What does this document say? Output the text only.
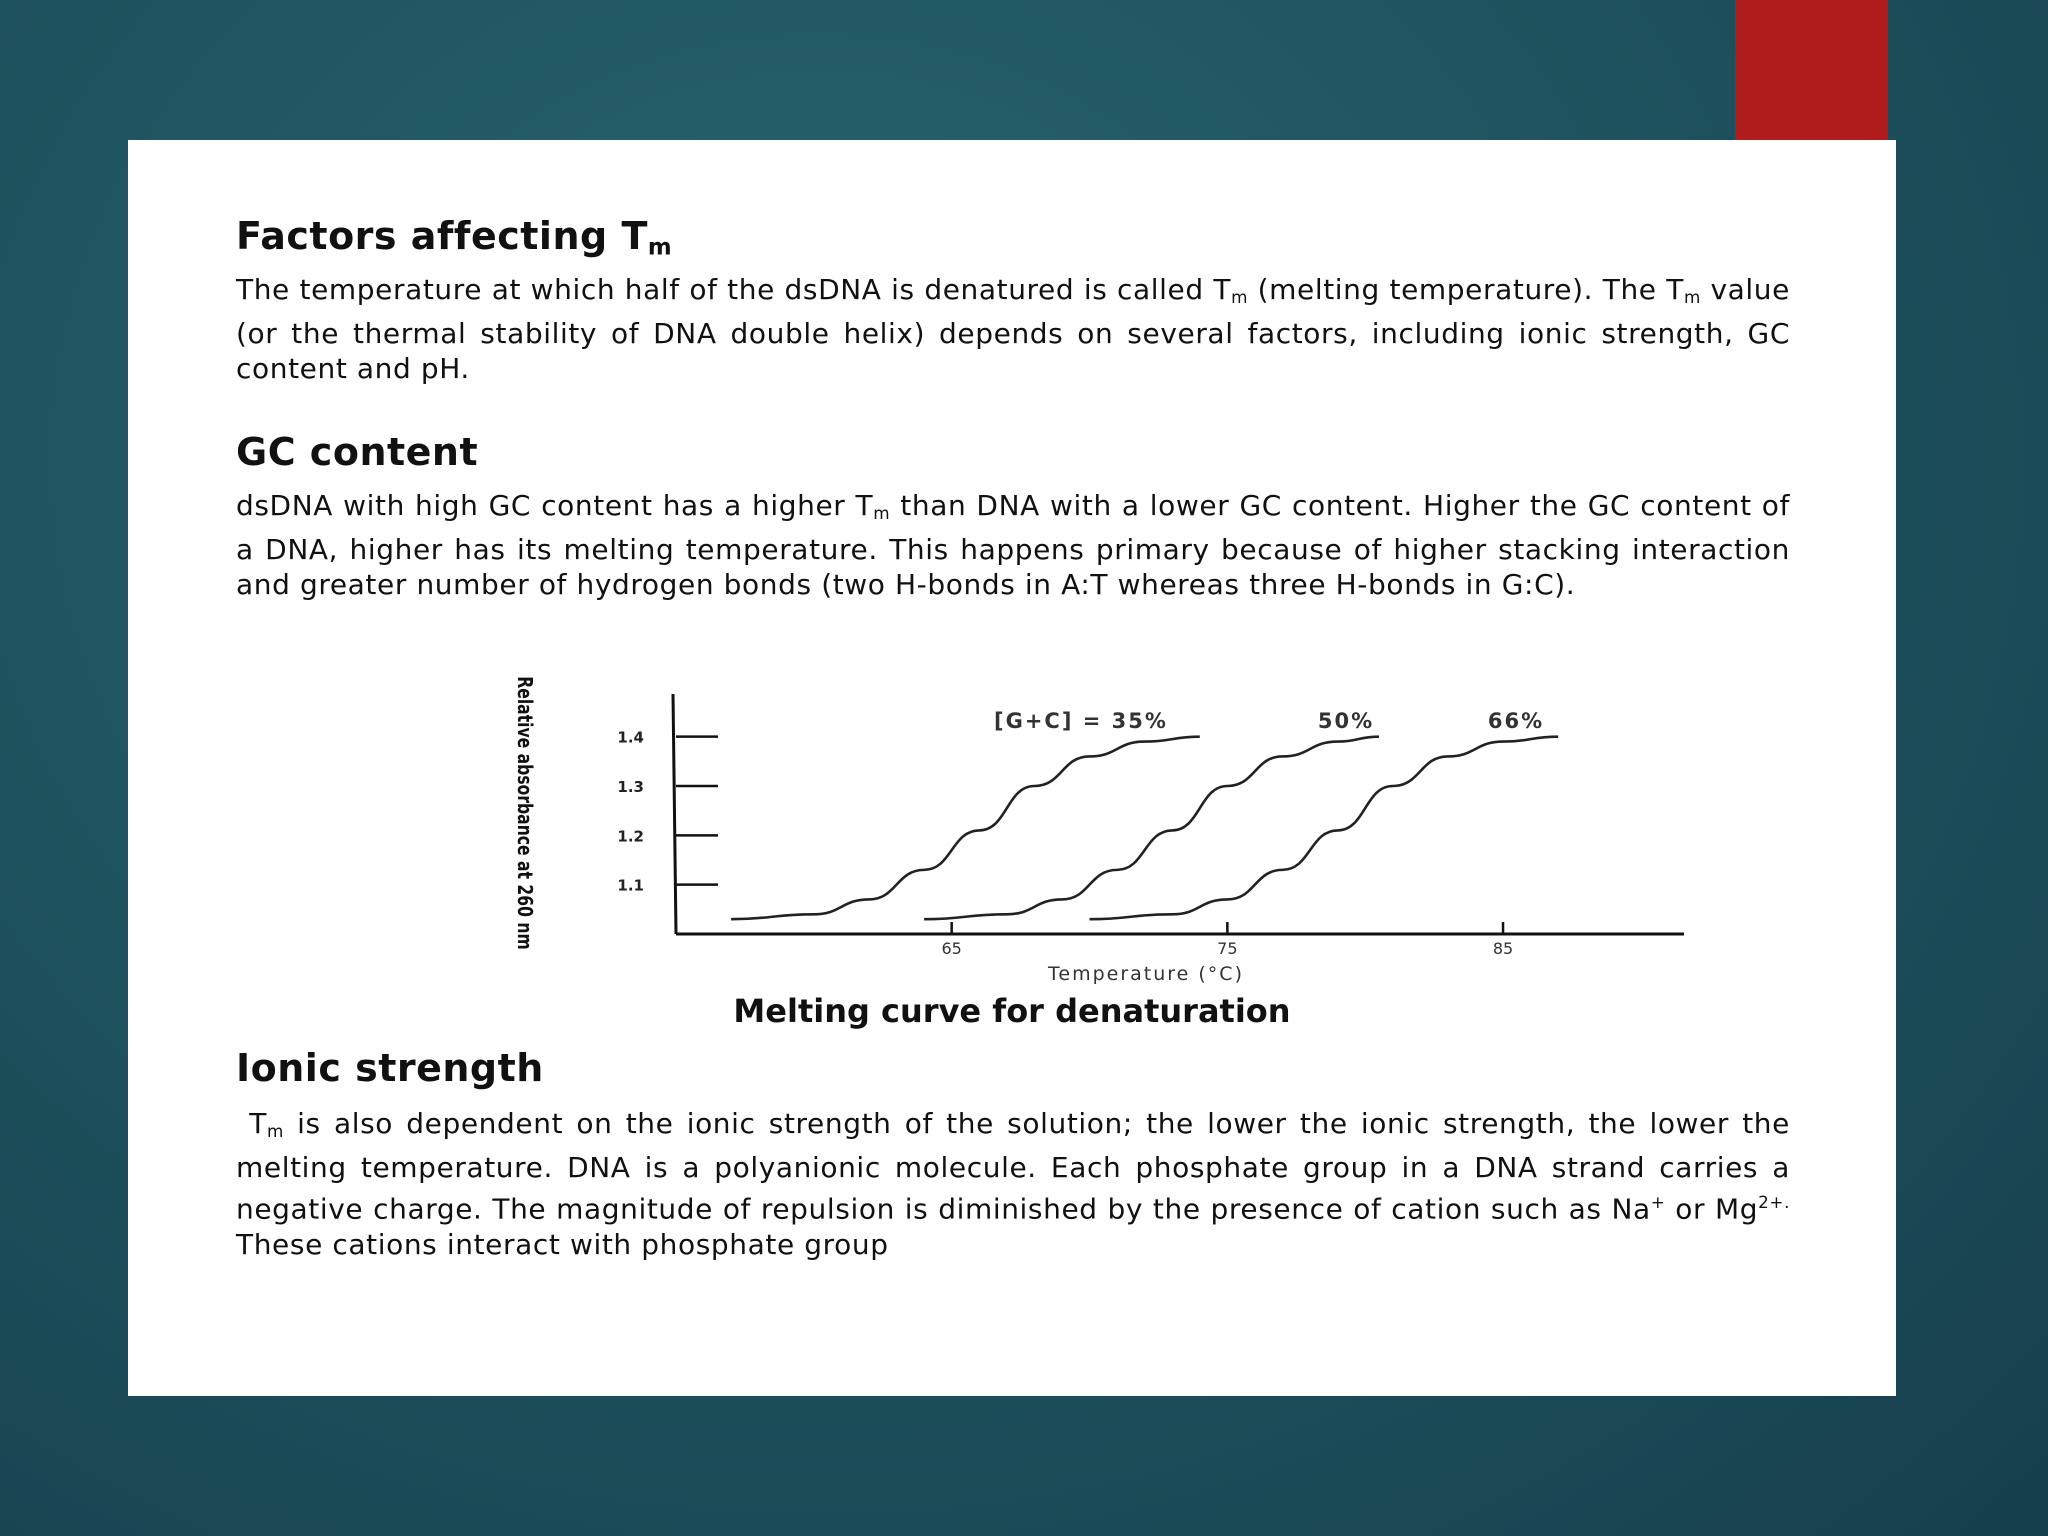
Factors affecting $T_m$

The temperature at which half of the dsDNA is denatured is called $T_m$ (melting temperature). The $T_m$ value (or the thermal stability of DNA double helix) depends on several factors, including ionic strength, GC content and pH.

GC content

dsDNA with high GC content has a higher $T_m$ than DNA with a lower GC content. Higher the GC content of a DNA, higher has its melting temperature. This happens primary because of higher stacking interaction and greater number of hydrogen bonds (two H-bonds in A:T whereas three H-bonds in G:C).

1.1
1.2
1.3
1.4
65	75	85
Temperature (°C)
Relative absorbance at 260 nm	[G+C] = 35%	50%	66%
Melting curve for denaturation
Ionic strength

$T_m$ is also dependent on the ionic strength of the solution; the lower the ionic strength, the lower the melting temperature. DNA is a polyanionic molecule. Each phosphate group in a DNA strand carries a negative charge. The magnitude of repulsion is diminished by the presence of cation such as Na+ or $Mg^{2+.}$ These cations interact with phosphate group
